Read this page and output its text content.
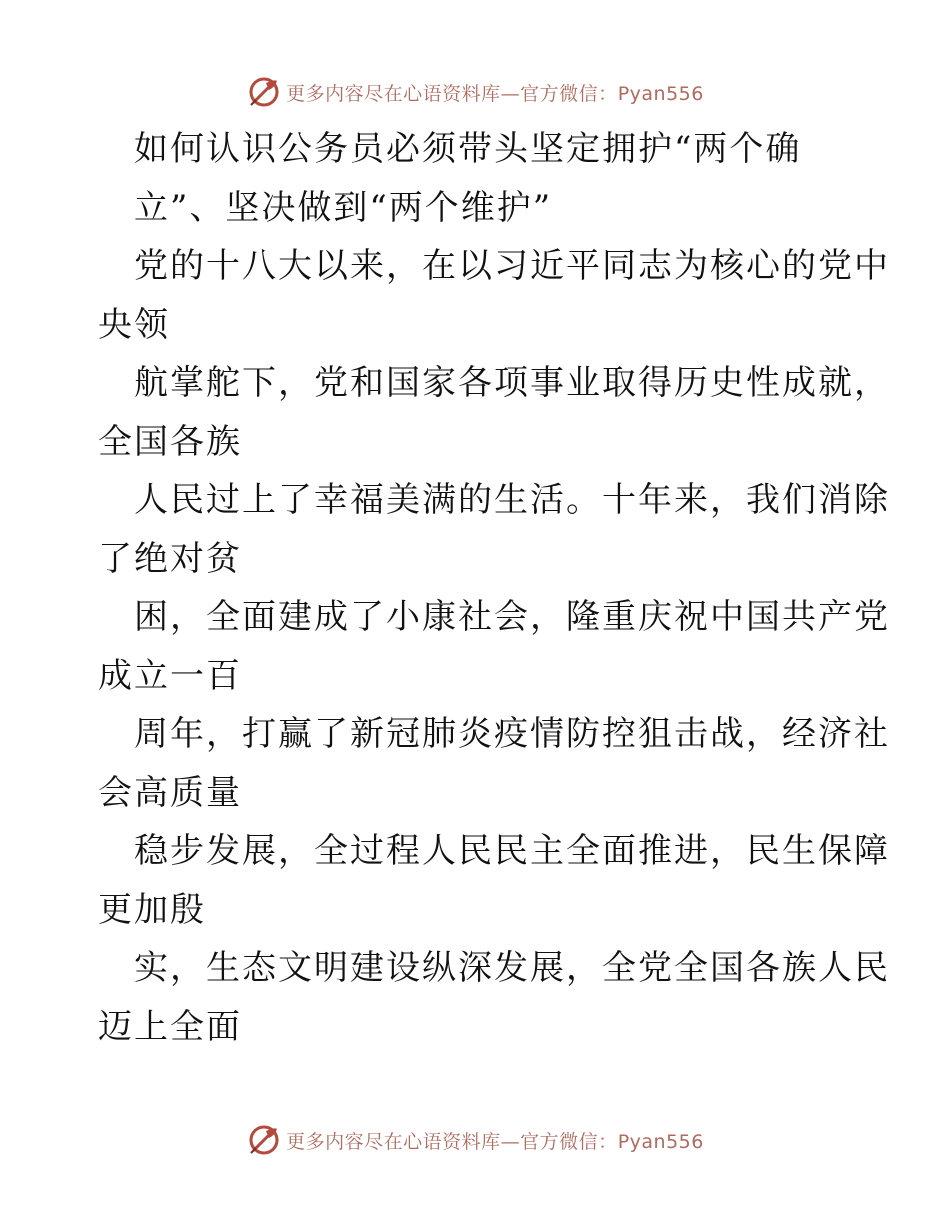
更多内容尽在心语资料库—官方微信：Pyan556
如何认识公务员必须带头坚定拥护“两个确
立”、坚决做到“两个维护”
党的十八大以来，在以习近平同志为核心的党中
央领
航掌舵下，党和国家各项事业取得历史性成就，
全国各族
人民过上了幸福美满的生活。十年来，我们消除
了绝对贫
困，全面建成了小康社会，隆重庆祝中国共产党
成立一百
周年，打赢了新冠肺炎疫情防控狙击战，经济社
会高质量
稳步发展，全过程人民民主全面推进，民生保障
更加殷
实，生态文明建设纵深发展，全党全国各族人民
迈上全面
更多内容尽在心语资料库—官方微信：Pyan556
